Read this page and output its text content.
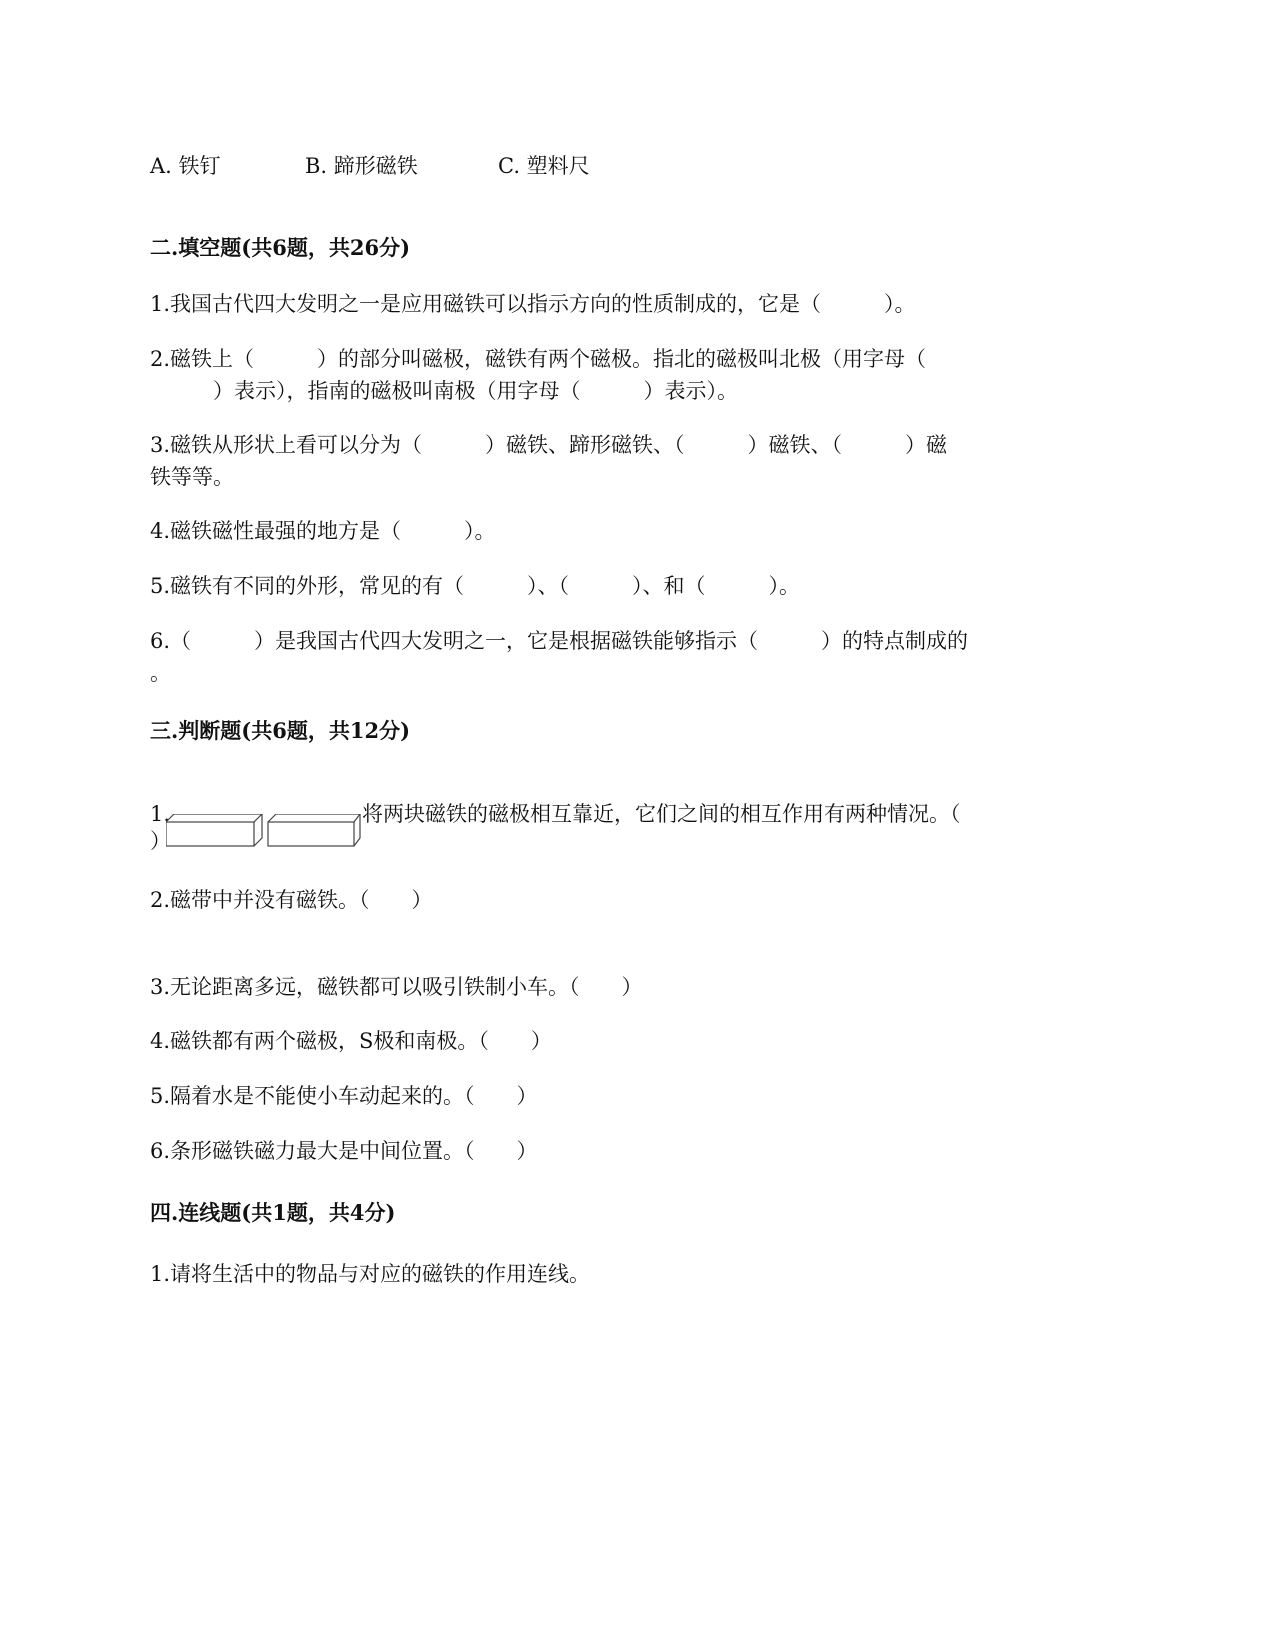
A. 铁钉	B. 蹄形磁铁	C. 塑料尺
二.填空题(共6题，共26分)
1.我国古代四大发明之一是应用磁铁可以指示方向的性质制成的，它是（　　　）。
2.磁铁上（　　　）的部分叫磁极，磁铁有两个磁极。指北的磁极叫北极（用字母（
　　　）表示），指南的磁极叫南极（用字母（　　　）表示）。
3.磁铁从形状上看可以分为（　　　）磁铁、蹄形磁铁、（　　　）磁铁、（　　　）磁
铁等等。
4.磁铁磁性最强的地方是（　　　）。
5.磁铁有不同的外形，常见的有（　　　）、（　　　）、和（　　　）。
6.（　　　）是我国古代四大发明之一，它是根据磁铁能够指示（　　　）的特点制成的
。
三.判断题(共6题，共12分)
1.	将两块磁铁的磁极相互靠近，它们之间的相互作用有两种情况。（
）
2.磁带中并没有磁铁。（　　）
3.无论距离多远，磁铁都可以吸引铁制小车。（　　）
4.磁铁都有两个磁极，S极和南极。（　　）
5.隔着水是不能使小车动起来的。（　　）
6.条形磁铁磁力最大是中间位置。（　　）
四.连线题(共1题，共4分)
1.请将生活中的物品与对应的磁铁的作用连线。
